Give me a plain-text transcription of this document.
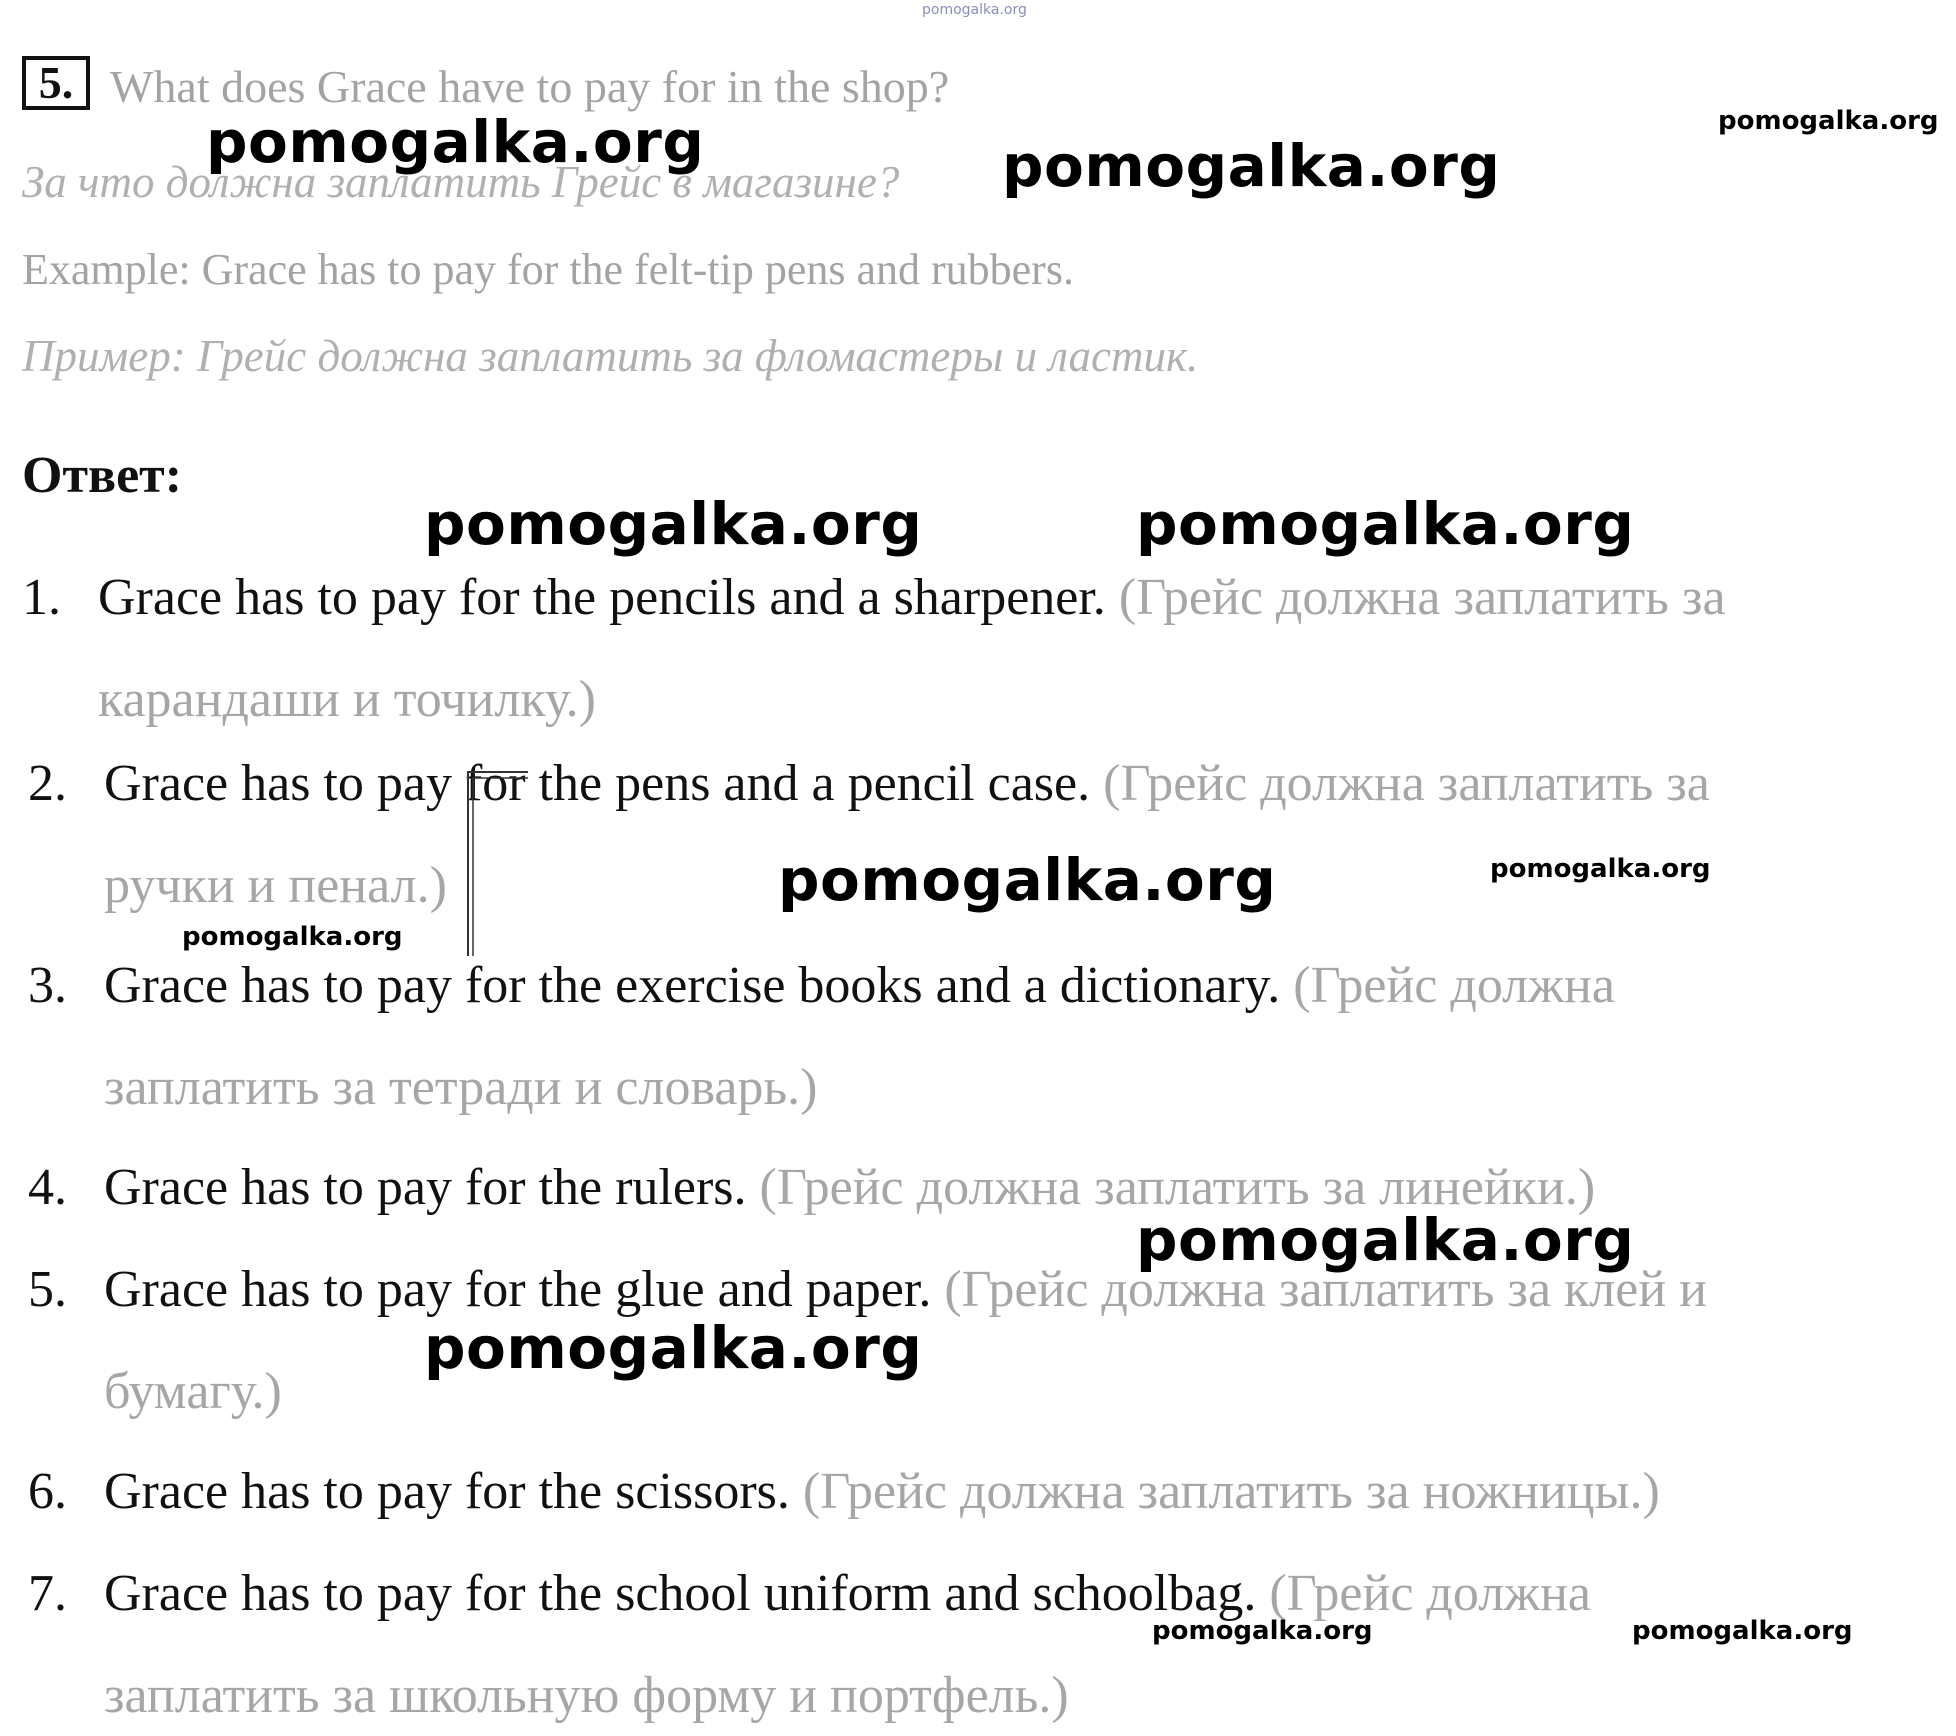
pomogalka.org
5. What does Grace have to pay for in the shop?
За что должна заплатить Грейс в магазине?
Example: Grace has to pay for the felt-tip pens and rubbers.
Пример: Грейс должна заплатить за фломастеры и ластик.
Ответ:
1. Grace has to pay for the pencils and a sharpener. (Грейс должна заплатить за
карандаши и точилку.)
2. Grace has to pay for the pens and a pencil case. (Грейс должна заплатить за
ручки и пенал.)
3. Grace has to pay for the exercise books and a dictionary. (Грейс должна
заплатить за тетради и словарь.)
4. Grace has to pay for the rulers. (Грейс должна заплатить за линейки.)
5. Grace has to pay for the glue and paper. (Грейс должна заплатить за клей и
бумагу.)
6. Grace has to pay for the scissors. (Грейс должна заплатить за ножницы.)
7. Grace has to pay for the school uniform and schoolbag. (Грейс должна
заплатить за школьную форму и портфель.)
pomogalka.org	pomogalka.org
pomogalka.org
pomogalka.org	pomogalka.org
pomogalka.org	pomogalka.org
pomogalka.org
pomogalka.org
pomogalka.org
pomogalka.org	pomogalka.org
